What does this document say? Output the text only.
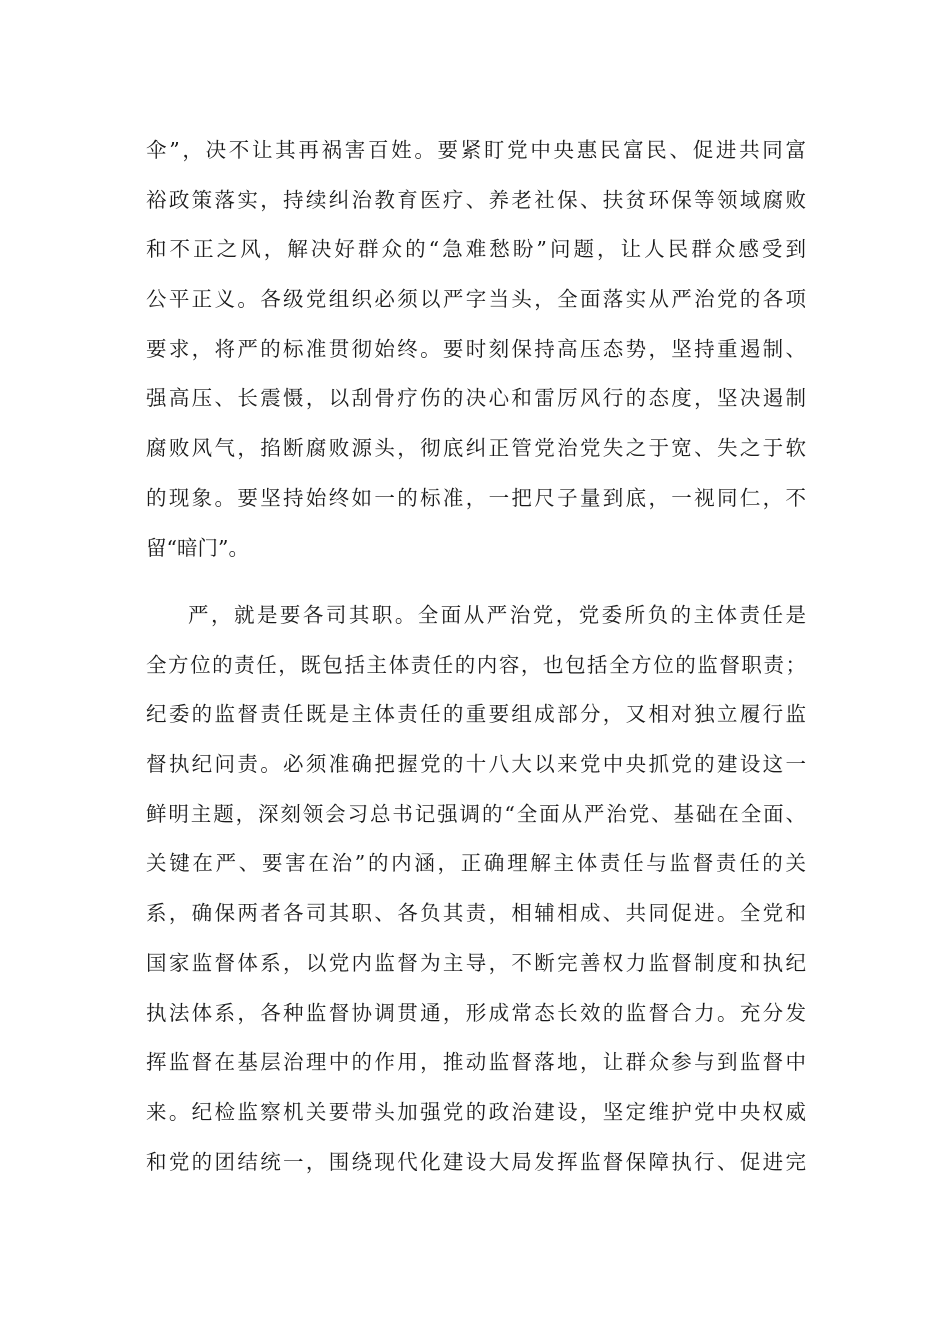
伞”，决不让其再祸害百姓。要紧盯党中央惠民富民、促进共同富
裕政策落实，持续纠治教育医疗、养老社保、扶贫环保等领域腐败
和不正之风，解决好群众的“急难愁盼”问题，让人民群众感受到
公平正义。各级党组织必须以严字当头，全面落实从严治党的各项
要求，将严的标准贯彻始终。要时刻保持高压态势，坚持重遏制、
强高压、长震慑，以刮骨疗伤的决心和雷厉风行的态度，坚决遏制
腐败风气，掐断腐败源头，彻底纠正管党治党失之于宽、失之于软
的现象。要坚持始终如一的标准，一把尺子量到底，一视同仁，不
留“暗门”。
严，就是要各司其职。全面从严治党，党委所负的主体责任是
全方位的责任，既包括主体责任的内容，也包括全方位的监督职责；
纪委的监督责任既是主体责任的重要组成部分，又相对独立履行监
督执纪问责。必须准确把握党的十八大以来党中央抓党的建设这一
鲜明主题，深刻领会习总书记强调的“全面从严治党、基础在全面、
关键在严、要害在治”的内涵，正确理解主体责任与监督责任的关
系，确保两者各司其职、各负其责，相辅相成、共同促进。全党和
国家监督体系，以党内监督为主导，不断完善权力监督制度和执纪
执法体系，各种监督协调贯通，形成常态长效的监督合力。充分发
挥监督在基层治理中的作用，推动监督落地，让群众参与到监督中
来。纪检监察机关要带头加强党的政治建设，坚定维护党中央权威
和党的团结统一，围绕现代化建设大局发挥监督保障执行、促进完
